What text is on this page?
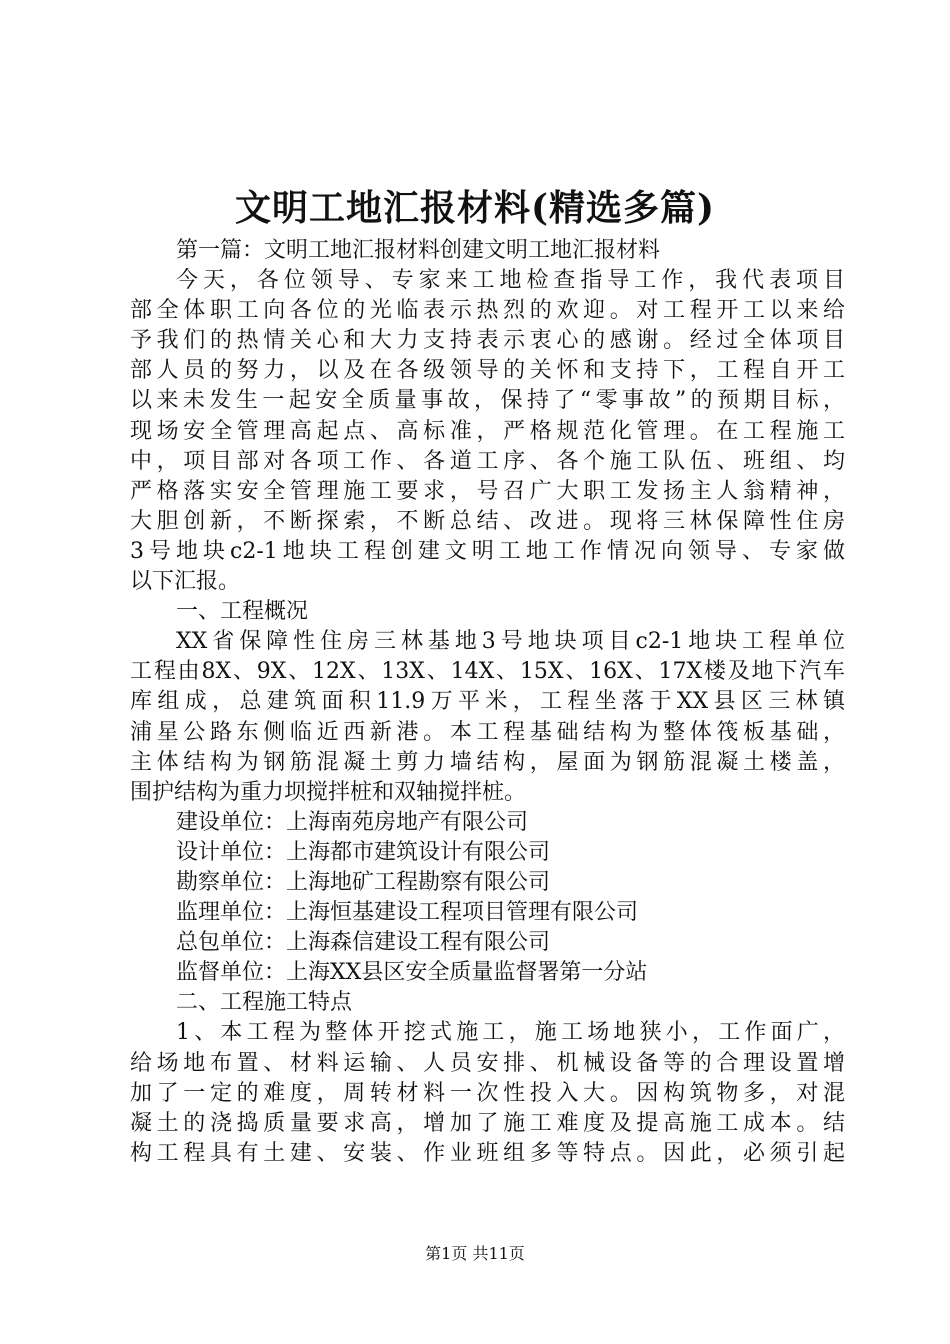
文明工地汇报材料(精选多篇)
第一篇：文明工地汇报材料创建文明工地汇报材料
今天，各位领导、专家来工地检查指导工作，我代表项目
部全体职工向各位的光临表示热烈的欢迎。对工程开工以来给
予我们的热情关心和大力支持表示衷心的感谢。经过全体项目
部人员的努力，以及在各级领导的关怀和支持下，工程自开工
以来未发生一起安全质量事故，保持了“零事故”的预期目标，
现场安全管理高起点、高标准，严格规范化管理。在工程施工
中，项目部对各项工作、各道工序、各个施工队伍、班组、均
严格落实安全管理施工要求，号召广大职工发扬主人翁精神，
大胆创新，不断探索，不断总结、改进。现将三林保障性住房
3号地块c2-1地块工程创建文明工地工作情况向领导、专家做
以下汇报。
一、工程概况
XX省保障性住房三林基地3号地块项目c2-1地块工程单位
工程由8X、9X、12X、13X、14X、15X、16X、17X楼及地下汽车
库组成，总建筑面积11.9万平米，工程坐落于XX县区三林镇
浦星公路东侧临近西新港。本工程基础结构为整体筏板基础，
主体结构为钢筋混凝土剪力墙结构，屋面为钢筋混凝土楼盖，
围护结构为重力坝搅拌桩和双轴搅拌桩。
建设单位：上海南苑房地产有限公司
设计单位：上海都市建筑设计有限公司
勘察单位：上海地矿工程勘察有限公司
监理单位：上海恒基建设工程项目管理有限公司
总包单位：上海森信建设工程有限公司
监督单位：上海XX县区安全质量监督署第一分站
二、工程施工特点
1、本工程为整体开挖式施工，施工场地狭小，工作面广，
给场地布置、材料运输、人员安排、机械设备等的合理设置增
加了一定的难度，周转材料一次性投入大。因构筑物多，对混
凝土的浇捣质量要求高，增加了施工难度及提高施工成本。结
构工程具有土建、安装、作业班组多等特点。因此，必须引起
第1页 共11页
